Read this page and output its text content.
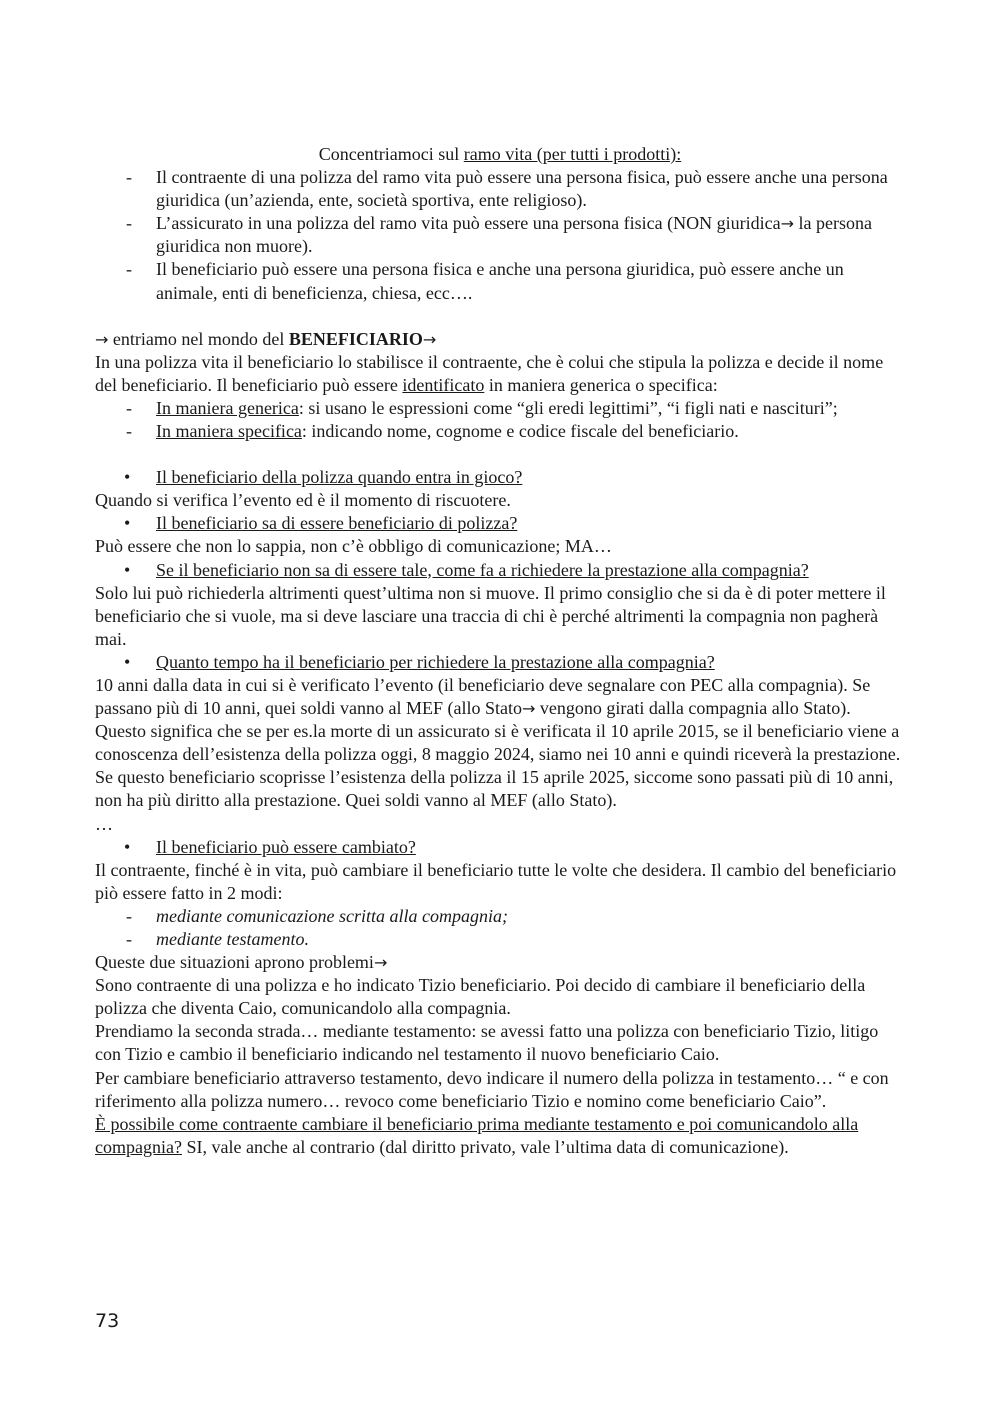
Concentriamoci sul ramo vita (per tutti i prodotti):

- Il contraente di una polizza del ramo vita può essere una persona fisica, può essere anche una persona giuridica (un’azienda, ente, società sportiva, ente religioso).

- L’assicurato in una polizza del ramo vita può essere una persona fisica (NON giuridica→ la persona giuridica non muore).

- Il beneficiario può essere una persona fisica e anche una persona giuridica, può essere anche un animale, enti di beneficienza, chiesa, ecc….

→ entriamo nel mondo del BENEFICIARIO→

In una polizza vita il beneficiario lo stabilisce il contraente, che è colui che stipula la polizza e decide il nome del beneficiario. Il beneficiario può essere identificato in maniera generica o specifica:

- In maniera generica: si usano le espressioni come “gli eredi legittimi”, “i figli nati e nascituri”;

- In maniera specifica: indicando nome, cognome e codice fiscale del beneficiario.

• Il beneficiario della polizza quando entra in gioco?

Quando si verifica l’evento ed è il momento di riscuotere.

• Il beneficiario sa di essere beneficiario di polizza?

Può essere che non lo sappia, non c’è obbligo di comunicazione; MA…

• Se il beneficiario non sa di essere tale, come fa a richiedere la prestazione alla compagnia?

Solo lui può richiederla altrimenti quest’ultima non si muove. Il primo consiglio che si da è di poter mettere il beneficiario che si vuole, ma si deve lasciare una traccia di chi è perché altrimenti la compagnia non pagherà mai.

• Quanto tempo ha il beneficiario per richiedere la prestazione alla compagnia?

10 anni dalla data in cui si è verificato l’evento (il beneficiario deve segnalare con PEC alla compagnia). Se passano più di 10 anni, quei soldi vanno al MEF (allo Stato→ vengono girati dalla compagnia allo Stato).

Questo significa che se per es.la morte di un assicurato si è verificata il 10 aprile 2015, se il beneficiario viene a conoscenza dell’esistenza della polizza oggi, 8 maggio 2024, siamo nei 10 anni e quindi riceverà la prestazione. Se questo beneficiario scoprisse l’esistenza della polizza il 15 aprile 2025, siccome sono passati più di 10 anni, non ha più diritto alla prestazione. Quei soldi vanno al MEF (allo Stato).

…

• Il beneficiario può essere cambiato?

Il contraente, finché è in vita, può cambiare il beneficiario tutte le volte che desidera. Il cambio del beneficiario piò essere fatto in 2 modi:

- mediante comunicazione scritta alla compagnia;

- mediante testamento.

Queste due situazioni aprono problemi→

Sono contraente di una polizza e ho indicato Tizio beneficiario. Poi decido di cambiare il beneficiario della polizza che diventa Caio, comunicandolo alla compagnia.

Prendiamo la seconda strada… mediante testamento: se avessi fatto una polizza con beneficiario Tizio, litigo con Tizio e cambio il beneficiario indicando nel testamento il nuovo beneficiario Caio.

Per cambiare beneficiario attraverso testamento, devo indicare il numero della polizza in testamento… “ e con riferimento alla polizza numero… revoco come beneficiario Tizio e nomino come beneficiario Caio”.

È possibile come contraente cambiare il beneficiario prima mediante testamento e poi comunicandolo alla compagnia? SI, vale anche al contrario (dal diritto privato, vale l’ultima data di comunicazione).

73
